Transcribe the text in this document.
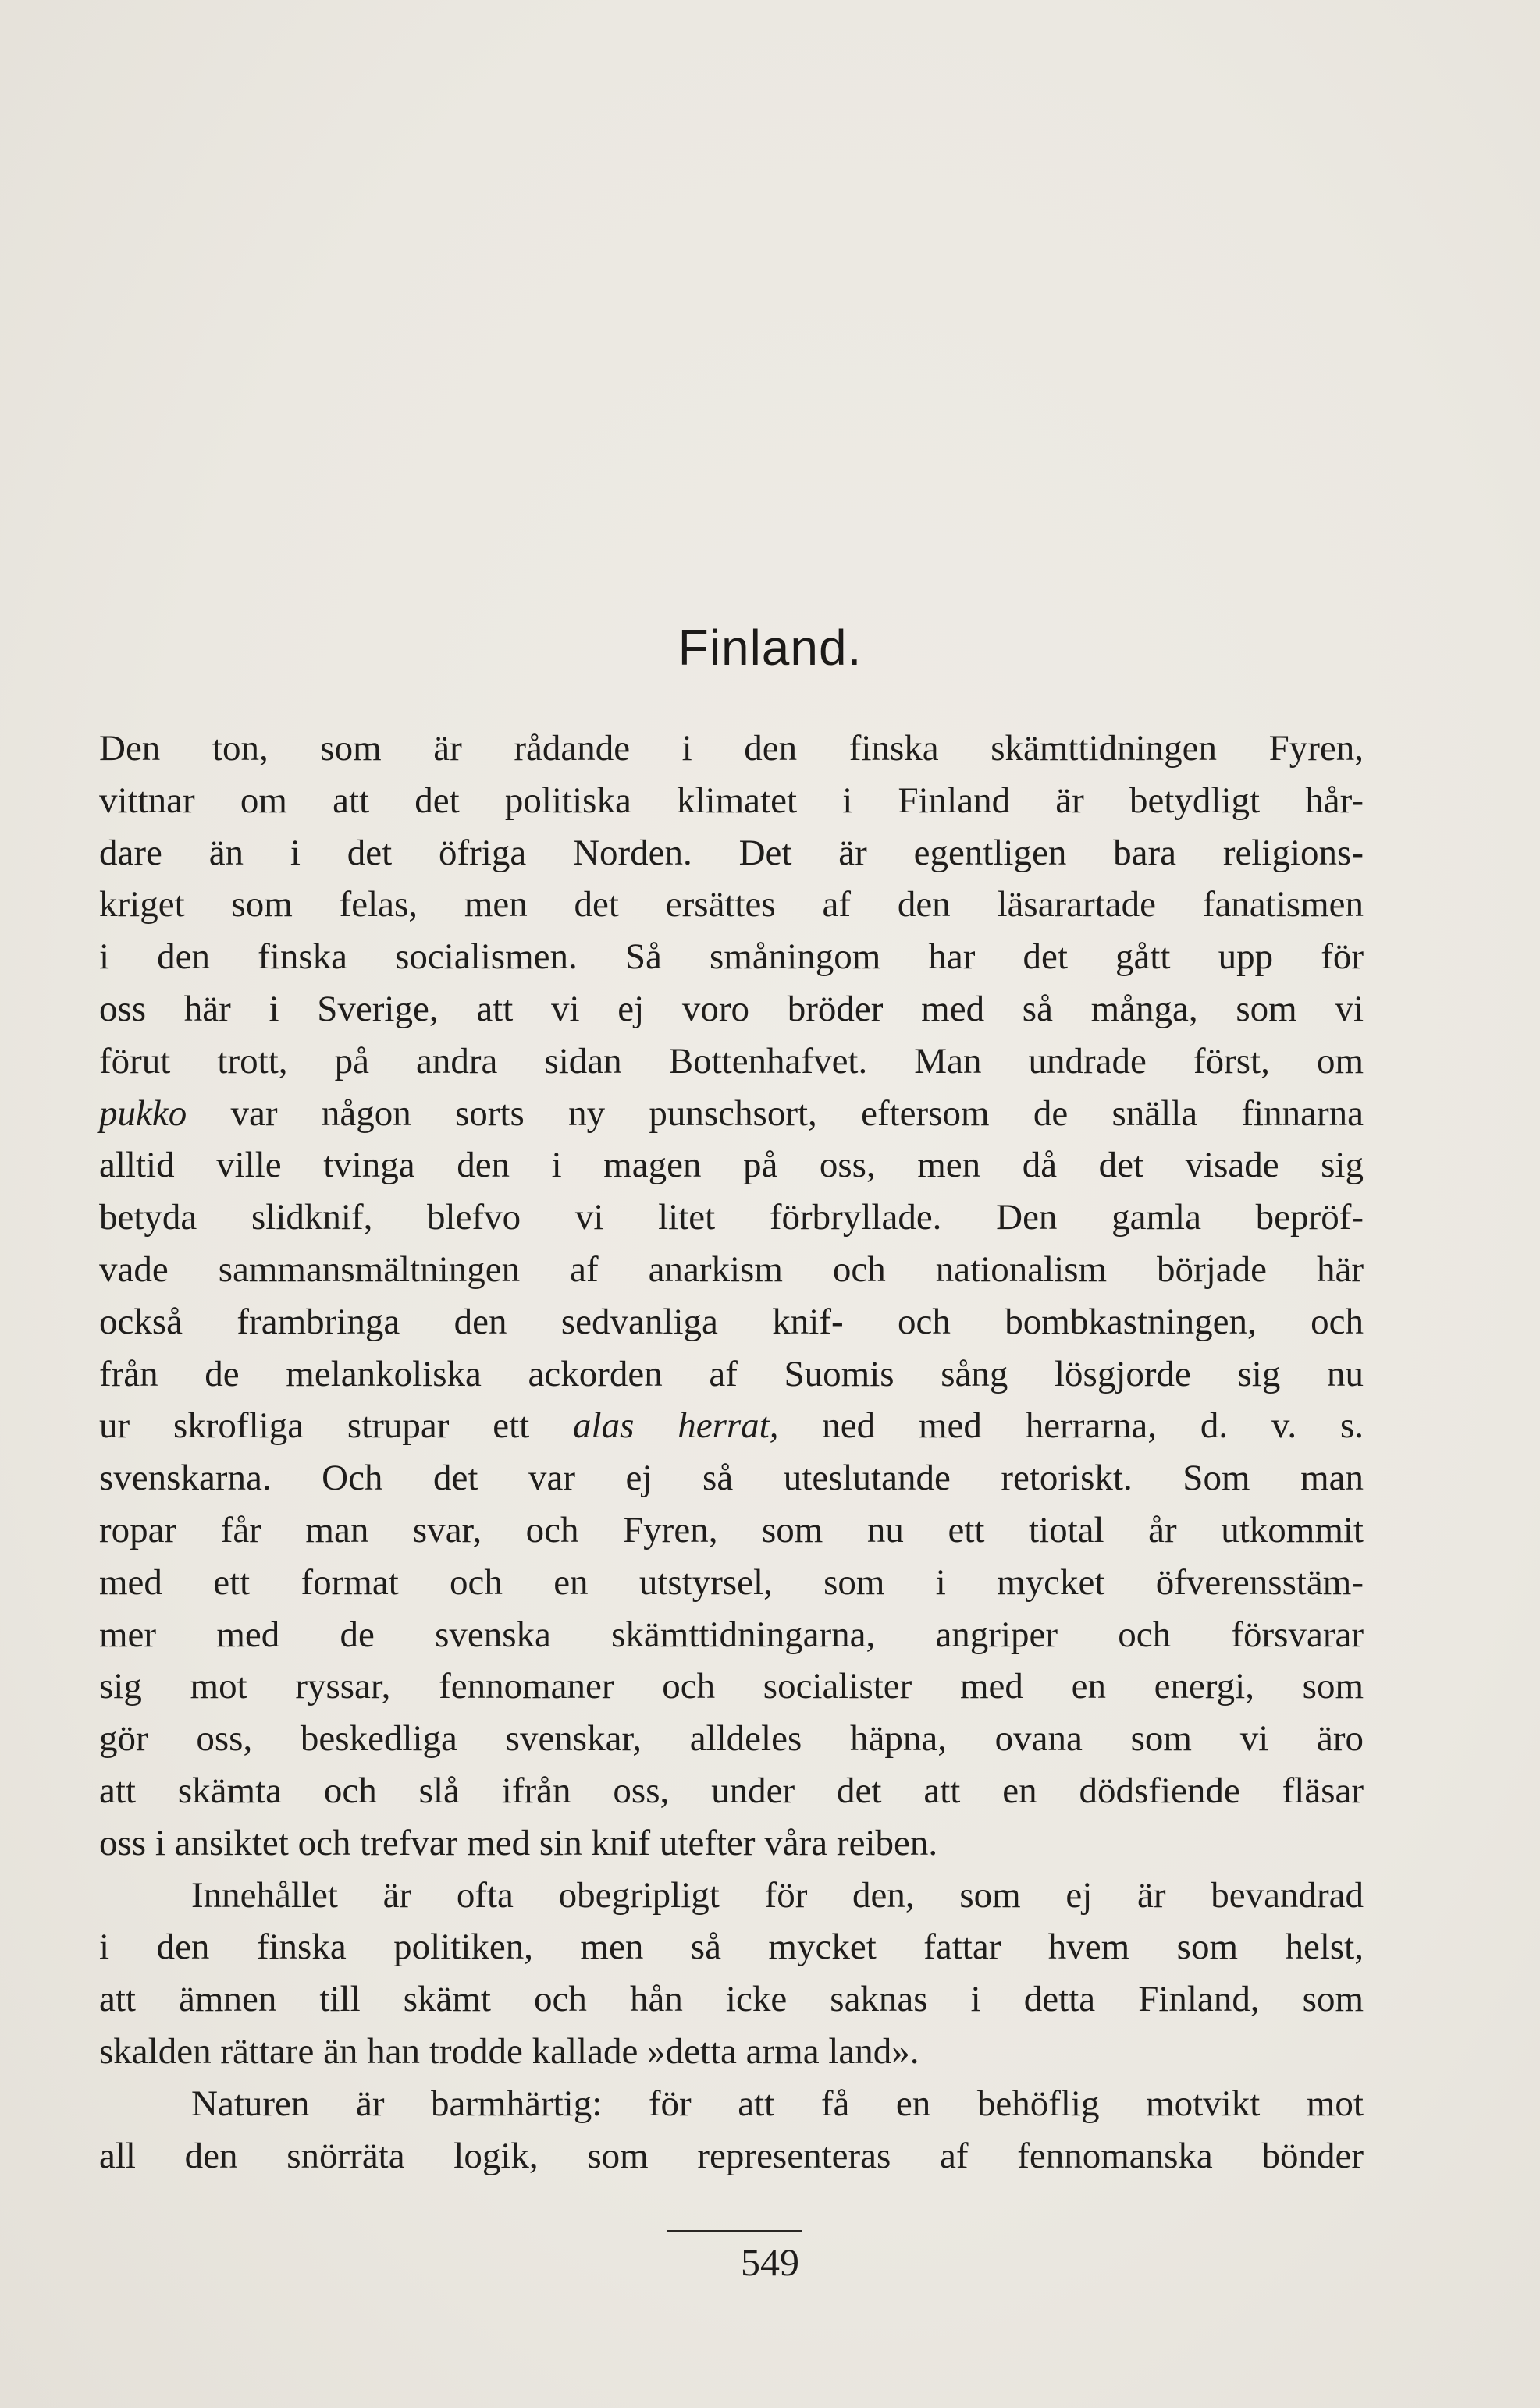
Finland.
Den ton, som är rådande i den finska skämttidningen Fyren,
vittnar om att det politiska klimatet i Finland är betydligt hår-
dare än i det öfriga Norden. Det är egentligen bara religions-
kriget som felas, men det ersättes af den läsarartade fanatismen
i den finska socialismen. Så småningom har det gått upp för
oss här i Sverige, att vi ej voro bröder med så många, som vi
förut trott, på andra sidan Bottenhafvet. Man undrade först, om
pukko var någon sorts ny punschsort, eftersom de snälla finnarna
alltid ville tvinga den i magen på oss, men då det visade sig
betyda slidknif, blefvo vi litet förbryllade. Den gamla bepröf-
vade sammansmältningen af anarkism och nationalism började här
också frambringa den sedvanliga knif- och bombkastningen, och
från de melankoliska ackorden af Suomis sång lösgjorde sig nu
ur skrofliga strupar ett alas herrat, ned med herrarna, d. v. s.
svenskarna. Och det var ej så uteslutande retoriskt. Som man
ropar får man svar, och Fyren, som nu ett tiotal år utkommit
med ett format och en utstyrsel, som i mycket öfverensstäm-
mer med de svenska skämttidningarna, angriper och försvarar
sig mot ryssar, fennomaner och socialister med en energi, som
gör oss, beskedliga svenskar, alldeles häpna, ovana som vi äro
att skämta och slå ifrån oss, under det att en dödsfiende fläsar
oss i ansiktet och trefvar med sin knif utefter våra reiben.
Innehållet är ofta obegripligt för den, som ej är bevandrad
i den finska politiken, men så mycket fattar hvem som helst,
att ämnen till skämt och hån icke saknas i detta Finland, som
skalden rättare än han trodde kallade »detta arma land».
Naturen är barmhärtig: för att få en behöflig motvikt mot
all den snörräta logik, som representeras af fennomanska bönder
549
